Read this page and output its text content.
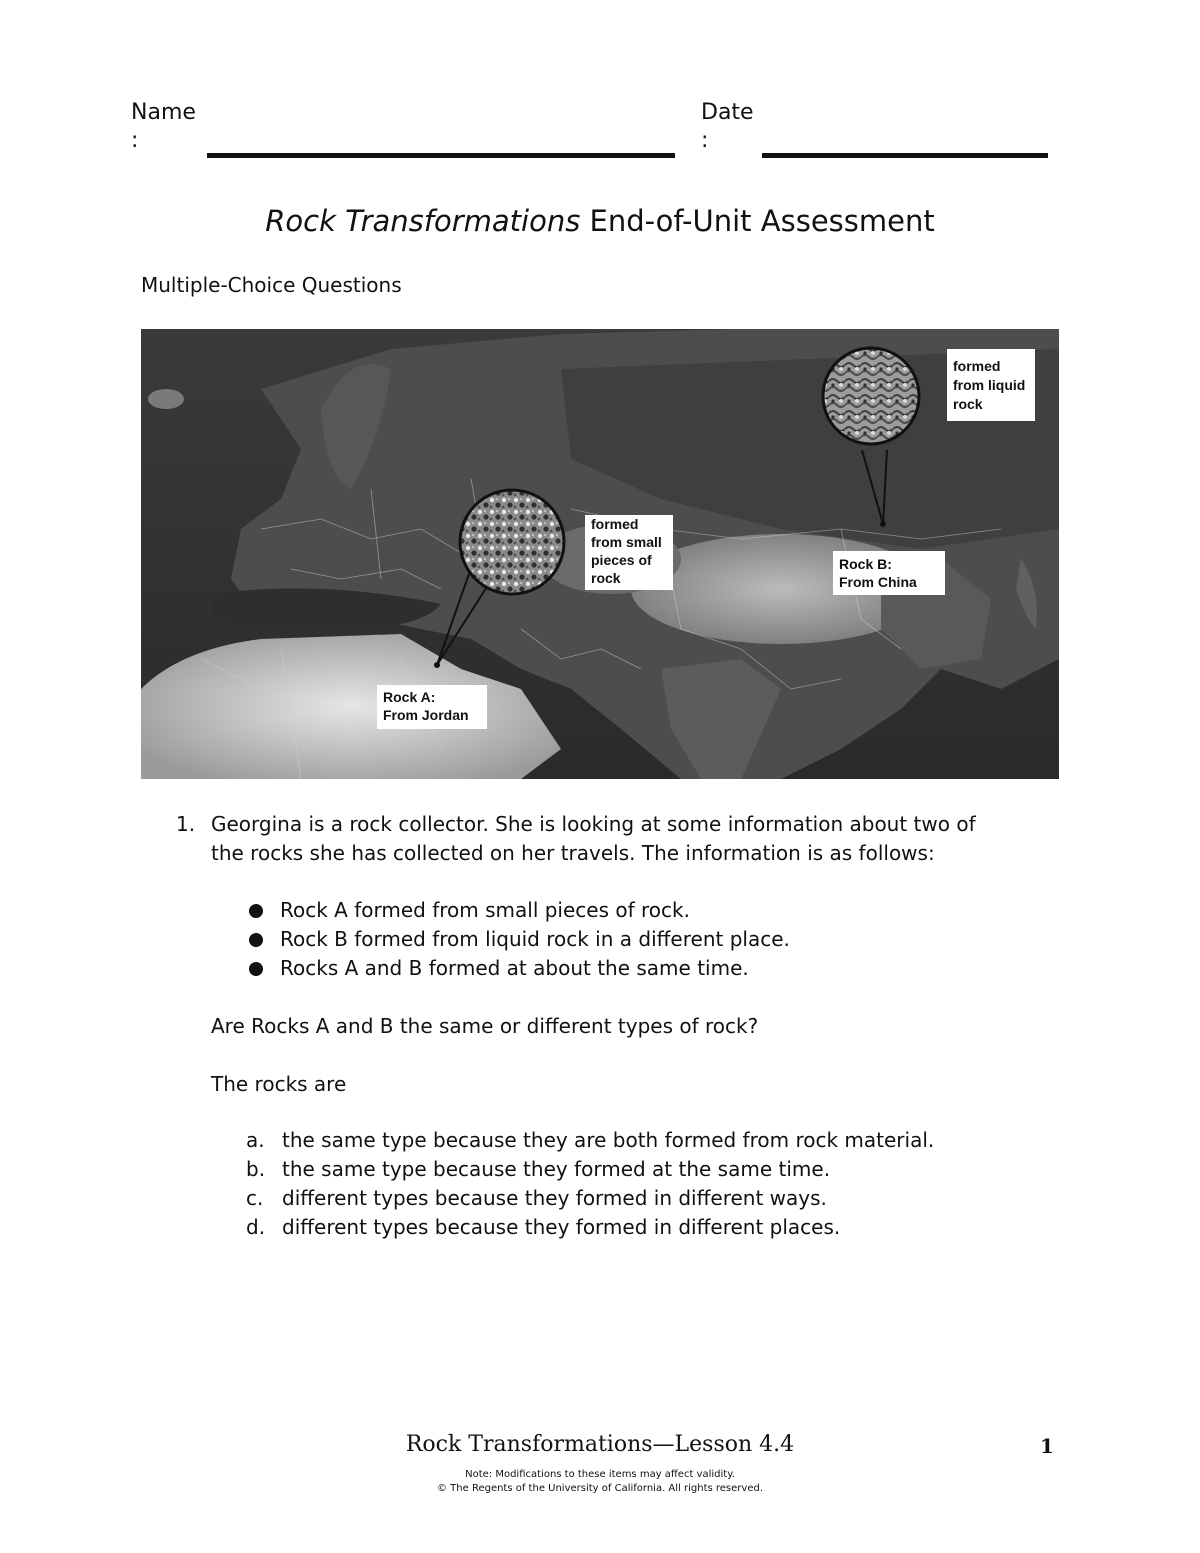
Name
:
Date
:
Rock Transformations End-of-Unit Assessment
Multiple-Choice Questions
formed
from small
pieces of
rock
Rock A:
From Jordan
formed
from liquid
rock
Rock B:
From China
1. Georgina is a rock collector. She is looking at some information about two of
the rocks she has collected on her travels. The information is as follows:
Rock A formed from small pieces of rock.
Rock B formed from liquid rock in a different place.
Rocks A and B formed at about the same time.
Are Rocks A and B the same or different types of rock?
The rocks are
a. the same type because they are both formed from rock material.
b. the same type because they formed at the same time.
c. different types because they formed in different ways.
d. different types because they formed in different places.
Rock Transformations—Lesson 4.4	1
Note: Modifications to these items may affect validity.
© The Regents of the University of California. All rights reserved.
